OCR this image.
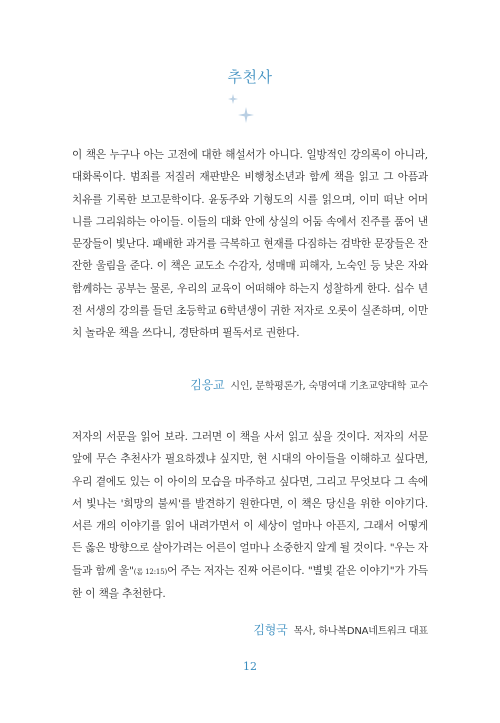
추천사

이 책은 누구나 아는 고전에 대한 해설서가 아니다. 일방적인 강의록이 아니라, 대화록이다. 범죄를 저질러 재판받은 비행청소년과 함께 책을 읽고 그 아픔과 치유를 기록한 보고문학이다. 윤동주와 기형도의 시를 읽으며, 이미 떠난 어머니를 그리워하는 아이들. 이들의 대화 안에 상실의 어둠 속에서 진주를 품어 낸 문장들이 빛난다. 패배한 과거를 극복하고 현재를 다짐하는 검박한 문장들은 잔잔한 울림을 준다. 이 책은 교도소 수감자, 성매매 피해자, 노숙인 등 낮은 자와 함께하는 공부는 물론, 우리의 교육이 어떠해야 하는지 성찰하게 한다. 십수 년 전 서생의 강의를 들던 초등학교 6학년생이 귀한 저자로 오롯이 실존하며, 이만치 놀라운 책을 쓰다니, 경탄하며 필독서로 권한다.

김응교 시인, 문학평론가, 숙명여대 기초교양대학 교수

저자의 서문을 읽어 보라. 그러면 이 책을 사서 읽고 싶을 것이다. 저자의 서문 앞에 무슨 추천사가 필요하겠냐 싶지만, 현 시대의 아이들을 이해하고 싶다면, 우리 곁에도 있는 이 아이의 모습을 마주하고 싶다면, 그리고 무엇보다 그 속에서 빛나는 '희망의 불씨'를 발견하기 원한다면, 이 책은 당신을 위한 이야기다. 서른 개의 이야기를 읽어 내려가면서 이 세상이 얼마나 아픈지, 그래서 어떻게든 옳은 방향으로 살아가려는 어른이 얼마나 소중한지 알게 될 것이다. "우는 자들과 함께 울"(롬 12:15)어 주는 저자는 진짜 어른이다. "별빛 같은 이야기"가 가득한 이 책을 추천한다.

김형국 목사, 하나복DNA네트워크 대표
12
